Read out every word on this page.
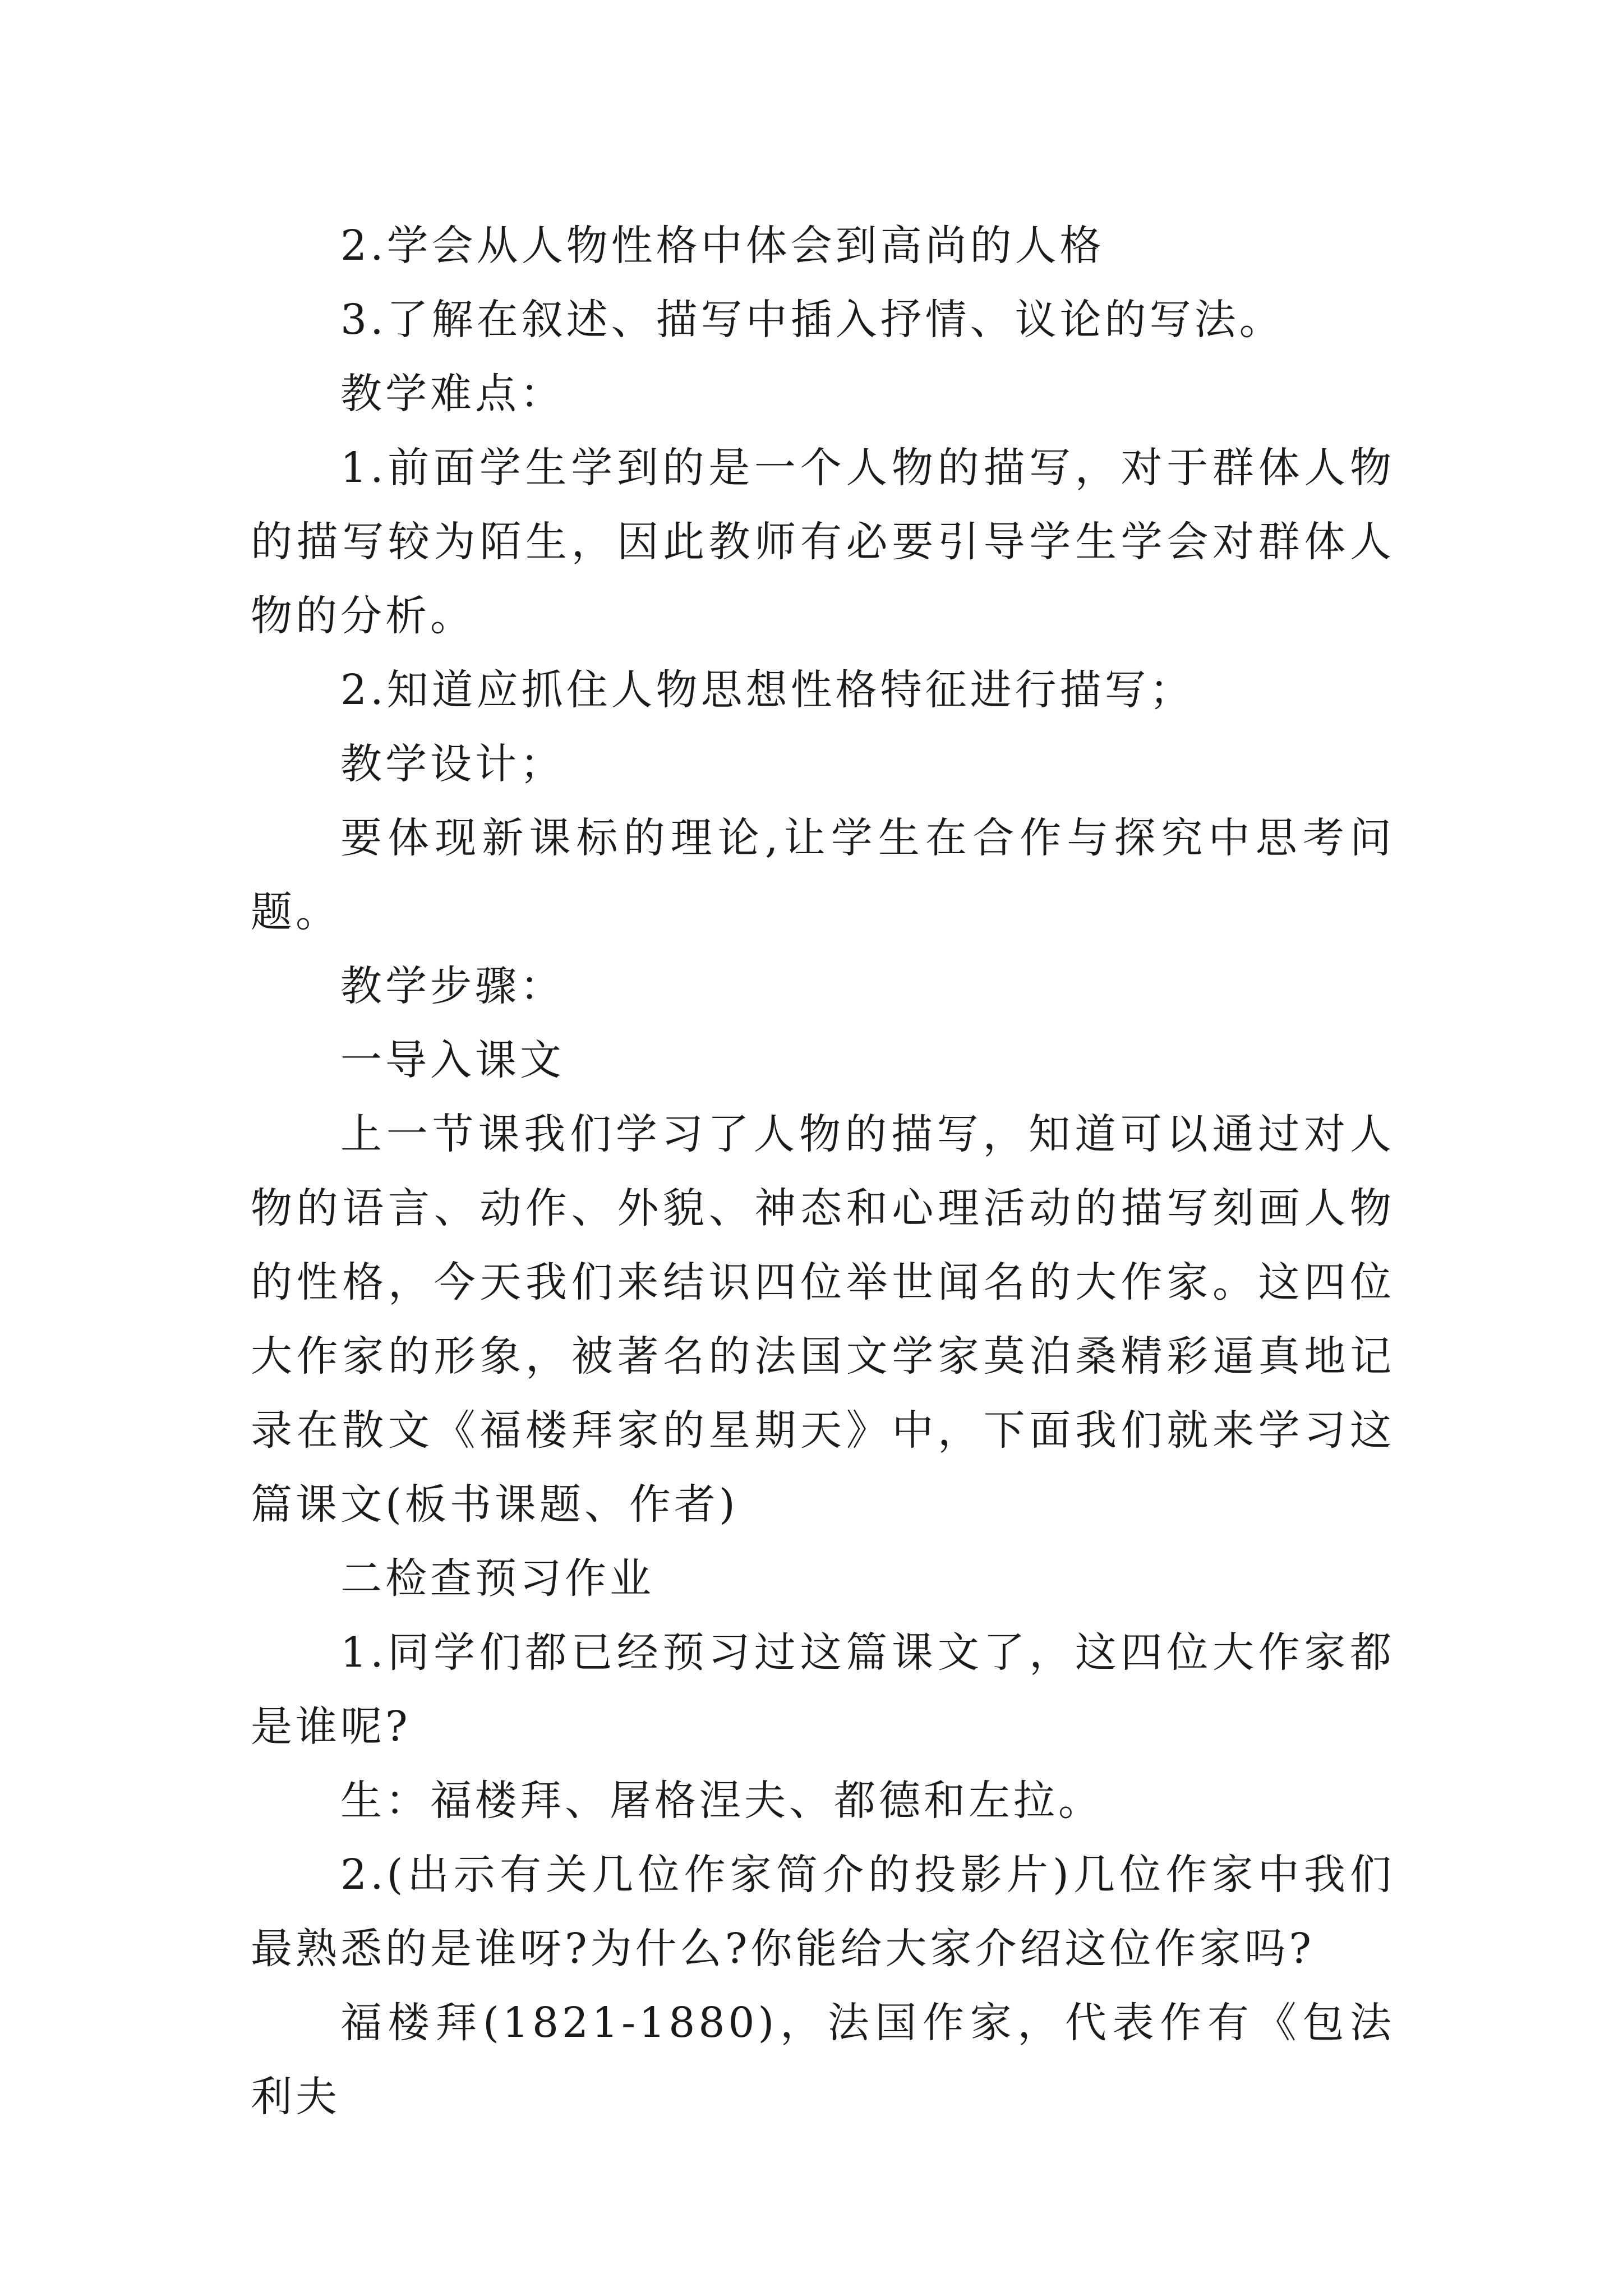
2.学会从人物性格中体会到高尚的人格

3.了解在叙述、描写中插入抒情、议论的写法。

教学难点：

1.前面学生学到的是一个人物的描写，对于群体人物的描写较为陌生，因此教师有必要引导学生学会对群体人物的分析。

2.知道应抓住人物思想性格特征进行描写；

教学设计；

要体现新课标的理论,让学生在合作与探究中思考问题。

教学步骤：

一导入课文

上一节课我们学习了人物的描写，知道可以通过对人物的语言、动作、外貌、神态和心理活动的描写刻画人物的性格，今天我们来结识四位举世闻名的大作家。这四位大作家的形象，被著名的法国文学家莫泊桑精彩逼真地记录在散文《福楼拜家的星期天》中，下面我们就来学习这篇课文(板书课题、作者)

二检查预习作业

1.同学们都已经预习过这篇课文了，这四位大作家都是谁呢?

生：福楼拜、屠格涅夫、都德和左拉。

2.(出示有关几位作家简介的投影片)几位作家中我们最熟悉的是谁呀?为什么?你能给大家介绍这位作家吗?

福楼拜(1821-1880)，法国作家，代表作有《包法利夫
